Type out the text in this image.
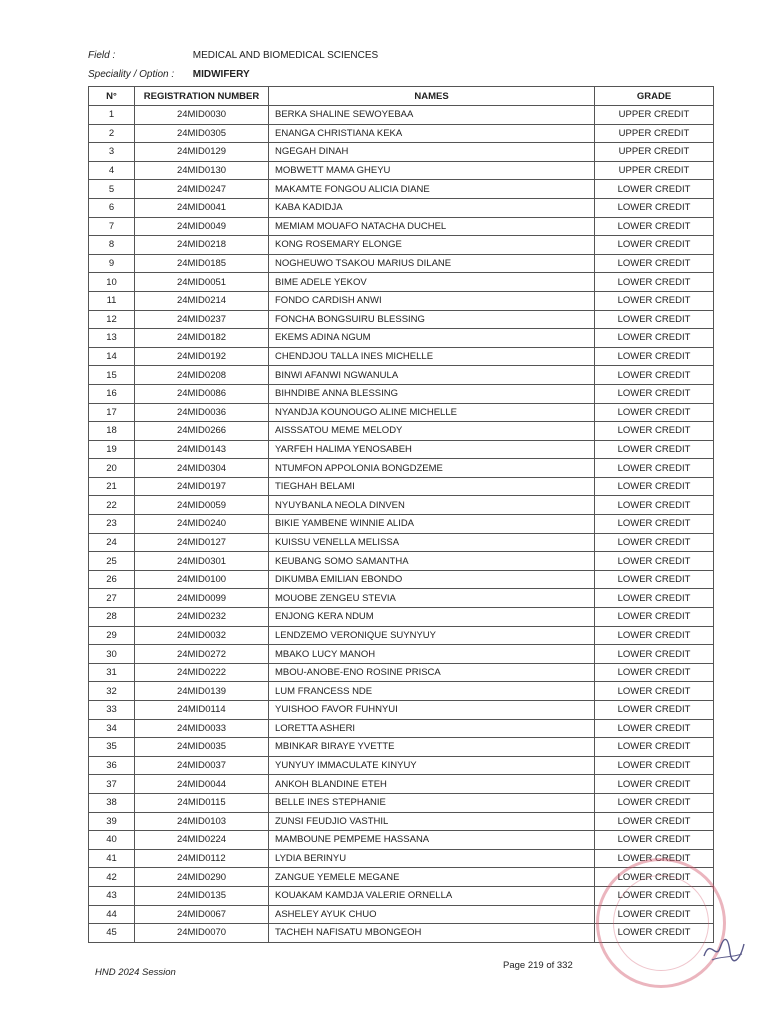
Field :	MEDICAL AND BIOMEDICAL SCIENCES
Speciality / Option : MIDWIFERY
N°	REGISTRATION NUMBER	NAMES	GRADE
1	24MID0030	BERKA SHALINE SEWOYEBAA	UPPER CREDIT
2	24MID0305	ENANGA CHRISTIANA KEKA	UPPER CREDIT
3	24MID0129	NGEGAH DINAH	UPPER CREDIT
4	24MID0130	MOBWETT MAMA GHEYU	UPPER CREDIT
5	24MID0247	MAKAMTE FONGOU ALICIA DIANE	LOWER CREDIT
6	24MID0041	KABA KADIDJA	LOWER CREDIT
7	24MID0049	MEMIAM MOUAFO NATACHA DUCHEL	LOWER CREDIT
8	24MID0218	KONG ROSEMARY ELONGE	LOWER CREDIT
9	24MID0185	NOGHEUWO TSAKOU MARIUS DILANE	LOWER CREDIT
10	24MID0051	BIME ADELE YEKOV	LOWER CREDIT
11	24MID0214	FONDO CARDISH ANWI	LOWER CREDIT
12	24MID0237	FONCHA BONGSUIRU BLESSING	LOWER CREDIT
13	24MID0182	EKEMS ADINA NGUM	LOWER CREDIT
14	24MID0192	CHENDJOU TALLA INES MICHELLE	LOWER CREDIT
15	24MID0208	BINWI AFANWI NGWANULA	LOWER CREDIT
16	24MID0086	BIHNDIBE ANNA BLESSING	LOWER CREDIT
17	24MID0036	NYANDJA KOUNOUGO ALINE MICHELLE	LOWER CREDIT
18	24MID0266	AISSSATOU MEME MELODY	LOWER CREDIT
19	24MID0143	YARFEH HALIMA YENOSABEH	LOWER CREDIT
20	24MID0304	NTUMFON APPOLONIA BONGDZEME	LOWER CREDIT
21	24MID0197	TIEGHAH BELAMI	LOWER CREDIT
22	24MID0059	NYUYBANLA NEOLA DINVEN	LOWER CREDIT
23	24MID0240	BIKIE YAMBENE WINNIE ALIDA	LOWER CREDIT
24	24MID0127	KUISSU VENELLA MELISSA	LOWER CREDIT
25	24MID0301	KEUBANG SOMO SAMANTHA	LOWER CREDIT
26	24MID0100	DIKUMBA EMILIAN EBONDO	LOWER CREDIT
27	24MID0099	MOUOBE ZENGEU STEVIA	LOWER CREDIT
28	24MID0232	ENJONG KERA NDUM	LOWER CREDIT
29	24MID0032	LENDZEMO VERONIQUE SUYNYUY	LOWER CREDIT
30	24MID0272	MBAKO LUCY MANOH	LOWER CREDIT
31	24MID0222	MBOU-ANOBE-ENO ROSINE PRISCA	LOWER CREDIT
32	24MID0139	LUM FRANCESS NDE	LOWER CREDIT
33	24MID0114	YUISHOO FAVOR FUHNYUI	LOWER CREDIT
34	24MID0033	LORETTA ASHERI	LOWER CREDIT
35	24MID0035	MBINKAR BIRAYE YVETTE	LOWER CREDIT
36	24MID0037	YUNYUY IMMACULATE KINYUY	LOWER CREDIT
37	24MID0044	ANKOH BLANDINE ETEH	LOWER CREDIT
38	24MID0115	BELLE INES STEPHANIE	LOWER CREDIT
39	24MID0103	ZUNSI FEUDJIO VASTHIL	LOWER CREDIT
40	24MID0224	MAMBOUNE PEMPEME HASSANA	LOWER CREDIT
41	24MID0112	LYDIA BERINYU	LOWER CREDIT
42	24MID0290	ZANGUE YEMELE MEGANE	LOWER CREDIT
43	24MID0135	KOUAKAM KAMDJA VALERIE ORNELLA	LOWER CREDIT
44	24MID0067	ASHELEY AYUK CHUO	LOWER CREDIT
45	24MID0070	TACHEH NAFISATU MBONGEOH	LOWER CREDIT
HND 2024 Session
Page 219 of 332
